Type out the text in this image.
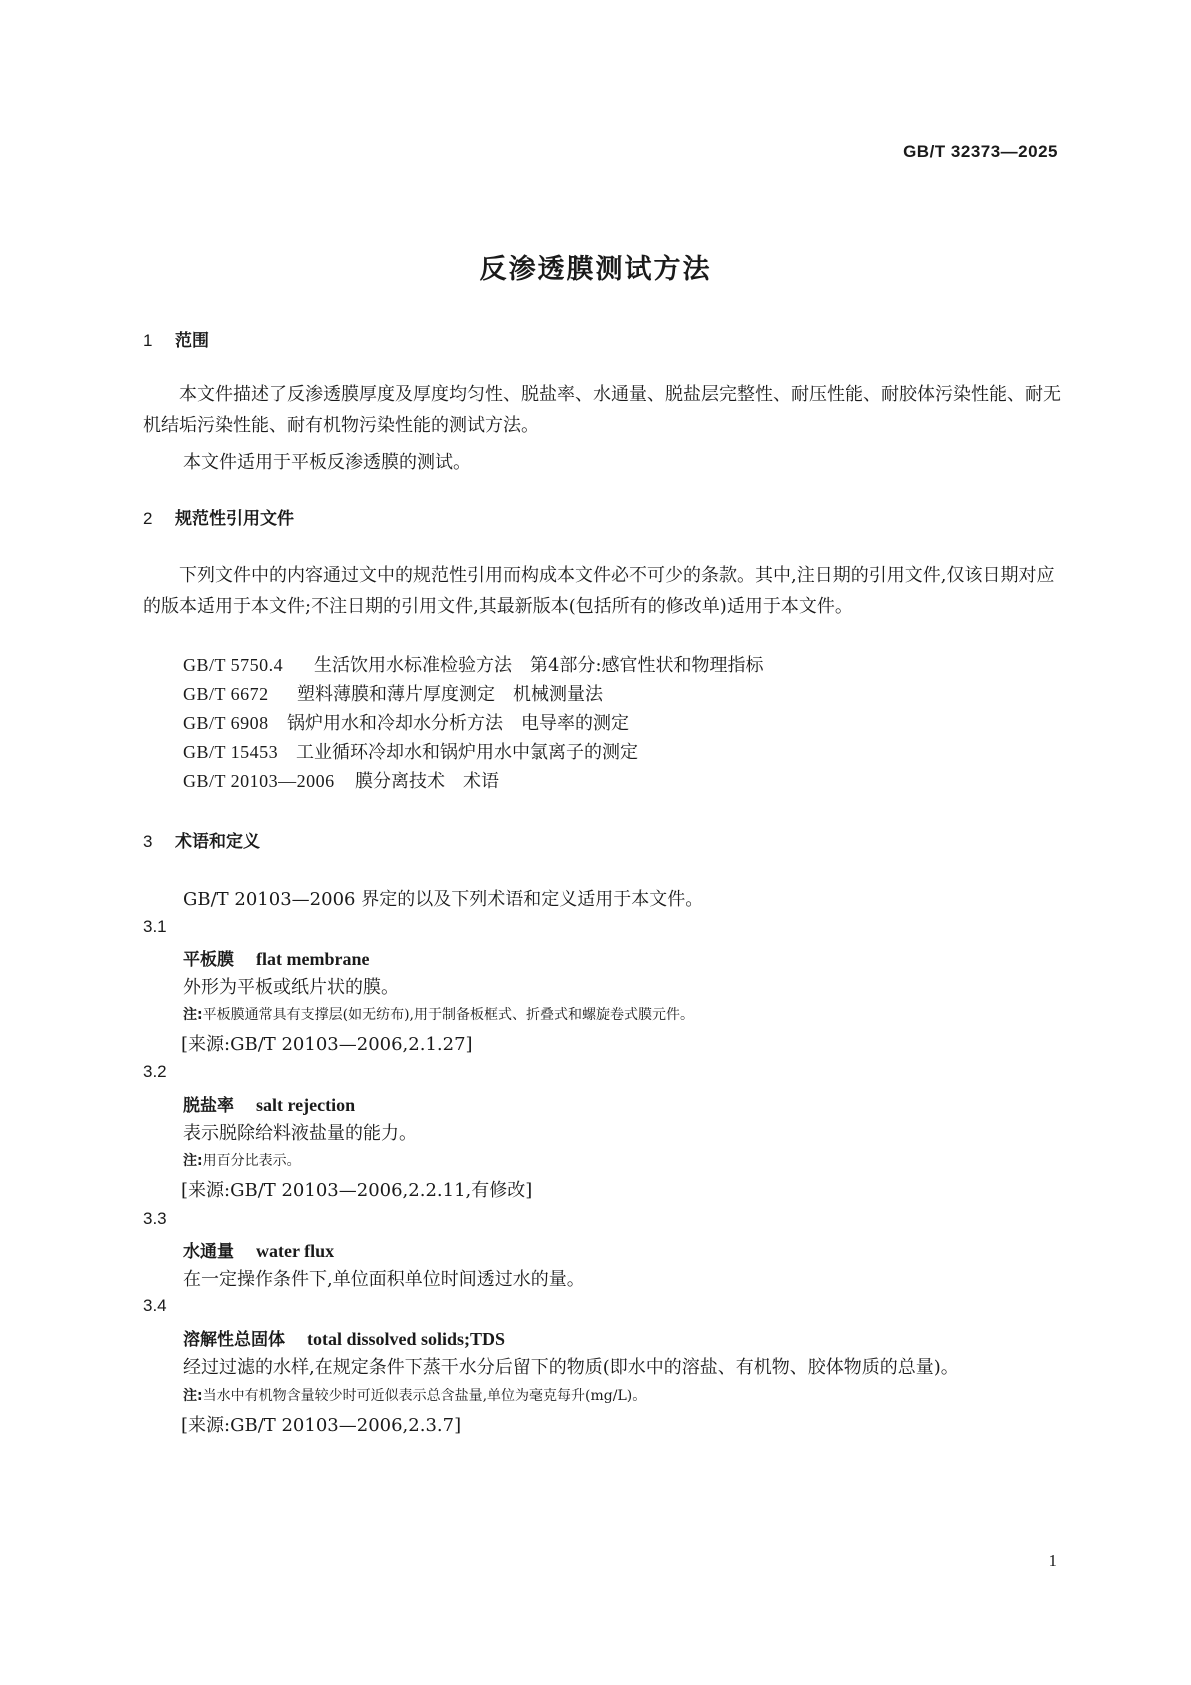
GB/T 32373—2025
反渗透膜测试方法
1 范围
本文件描述了反渗透膜厚度及厚度均匀性、脱盐率、水通量、脱盐层完整性、耐压性能、耐胶体污染性能、耐无机结垢污染性能、耐有机物污染性能的测试方法。
本文件适用于平板反渗透膜的测试。
2 规范性引用文件
下列文件中的内容通过文中的规范性引用而构成本文件必不可少的条款。其中,注日期的引用文件,仅该日期对应的版本适用于本文件;不注日期的引用文件,其最新版本(包括所有的修改单)适用于本文件。
GB/T 5750.4 生活饮用水标准检验方法　第4部分:感官性状和物理指标
GB/T 6672 塑料薄膜和薄片厚度测定　机械测量法
GB/T 6908 锅炉用水和冷却水分析方法　电导率的测定
GB/T 15453 工业循环冷却水和锅炉用水中氯离子的测定
GB/T 20103—2006 膜分离技术　术语
3 术语和定义
GB/T 20103—2006 界定的以及下列术语和定义适用于本文件。
3.1
平板膜 flat membrane
外形为平板或纸片状的膜。
注:平板膜通常具有支撑层(如无纺布),用于制备板框式、折叠式和螺旋卷式膜元件。
[来源:GB/T 20103—2006,2.1.27]
3.2
脱盐率 salt rejection
表示脱除给料液盐量的能力。
注:用百分比表示。
[来源:GB/T 20103—2006,2.2.11,有修改]
3.3
水通量 water flux
在一定操作条件下,单位面积单位时间透过水的量。
3.4
溶解性总固体 total dissolved solids;TDS
经过过滤的水样,在规定条件下蒸干水分后留下的物质(即水中的溶盐、有机物、胶体物质的总量)。
注:当水中有机物含量较少时可近似表示总含盐量,单位为毫克每升(mg/L)。
[来源:GB/T 20103—2006,2.3.7]
1
